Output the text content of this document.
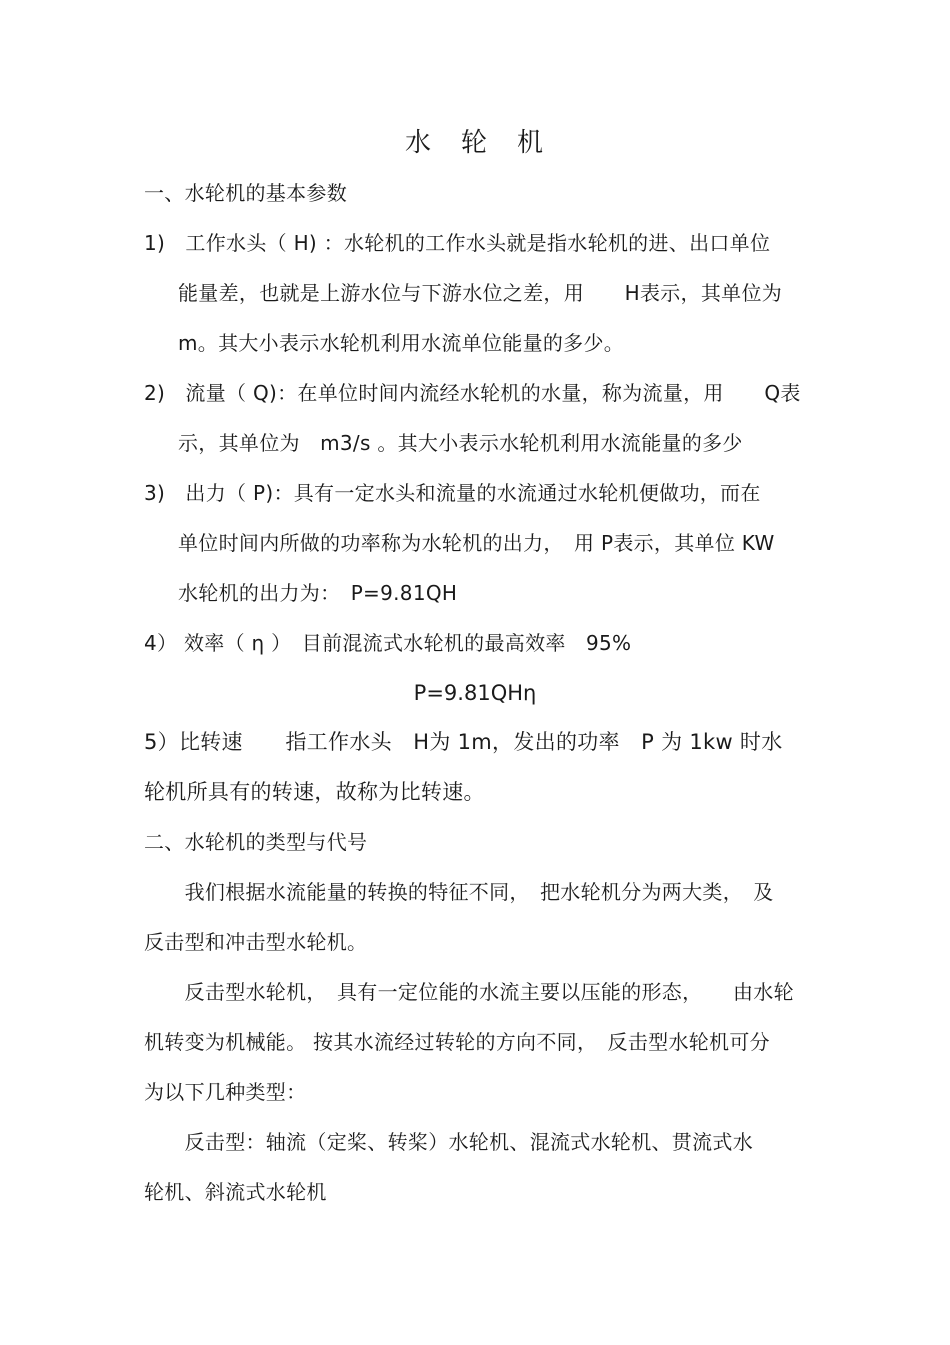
水　轮　机
一、水轮机的基本参数
1)　工作水头（ H) ：水轮机的工作水头就是指水轮机的进、出口单位
能量差，也就是上游水位与下游水位之差，用　　H表示，其单位为
m。其大小表示水轮机利用水流单位能量的多少。
2)　流量（ Q)：在单位时间内流经水轮机的水量，称为流量，用　　Q表
示，其单位为　m3/s 。其大小表示水轮机利用水流能量的多少
3)　出力（ P)：具有一定水头和流量的水流通过水轮机便做功，而在
单位时间内所做的功率称为水轮机的出力，　用 P表示，其单位 KW
水轮机的出力为：　P=9.81QH
4） 效率（ η ）　目前混流式水轮机的最高效率　95%
P=9.81QHη
5）比转速　　指工作水头　H为 1m，发出的功率　P 为 1kw 时水
轮机所具有的转速，故称为比转速。
二、水轮机的类型与代号
　　我们根据水流能量的转换的特征不同，　把水轮机分为两大类，　及
反击型和冲击型水轮机。
　　反击型水轮机，　具有一定位能的水流主要以压能的形态，　　由水轮
机转变为机械能。 按其水流经过转轮的方向不同，　反击型水轮机可分
为以下几种类型：
　　反击型：轴流（定桨、转桨）水轮机、混流式水轮机、贯流式水
轮机、斜流式水轮机
